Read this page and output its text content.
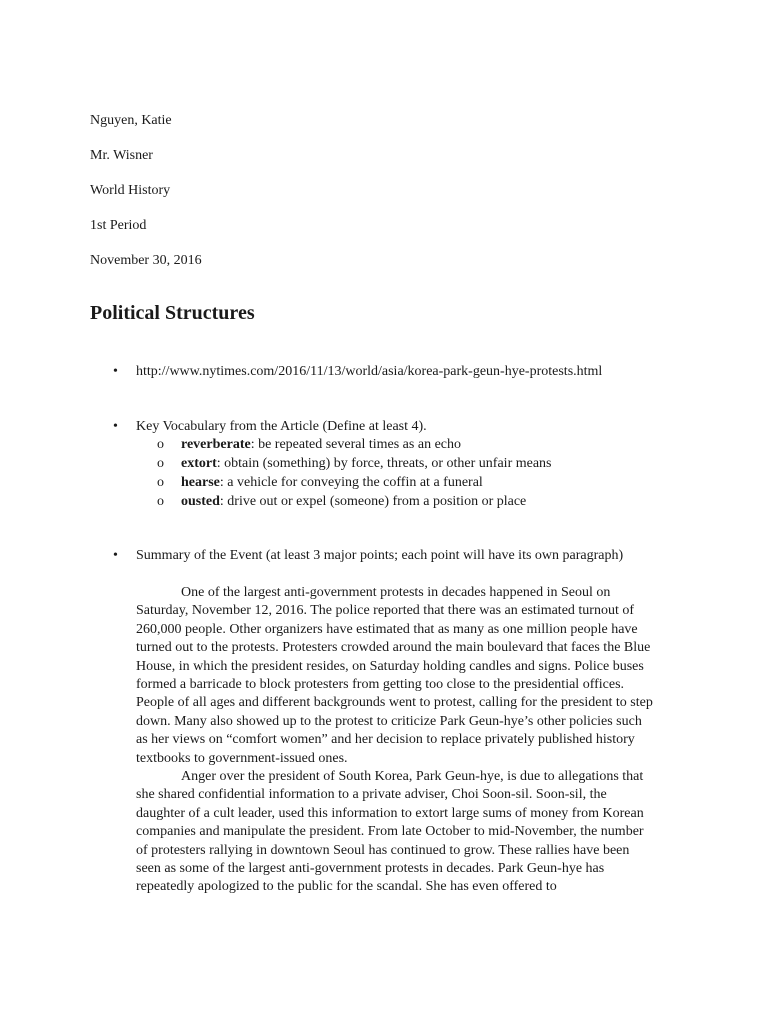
Nguyen, Katie
Mr. Wisner
World History
1st Period
November 30, 2016
Political Structures
• http://www.nytimes.com/2016/11/13/world/asia/korea-park-geun-hye-protests.html
• Key Vocabulary from the Article (Define at least 4).
o reverberate: be repeated several times as an echo
o extort: obtain (something) by force, threats, or other unfair means
o hearse: a vehicle for conveying the coffin at a funeral
o ousted: drive out or expel (someone) from a position or place
• Summary of the Event (at least 3 major points; each point will have its own paragraph)
One of the largest anti-government protests in decades happened in Seoul on Saturday, November 12, 2016. The police reported that there was an estimated turnout of 260,000 people. Other organizers have estimated that as many as one million people have turned out to the protests. Protesters crowded around the main boulevard that faces the Blue House, in which the president resides, on Saturday holding candles and signs. Police buses formed a barricade to block protesters from getting too close to the presidential offices. People of all ages and different backgrounds went to protest, calling for the president to step down. Many also showed up to the protest to criticize Park Geun-hye’s other policies such as her views on “comfort women” and her decision to replace privately published history textbooks to government-issued ones.
Anger over the president of South Korea, Park Geun-hye, is due to allegations that she shared confidential information to a private adviser, Choi Soon-sil. Soon-sil, the daughter of a cult leader, used this information to extort large sums of money from Korean companies and manipulate the president. From late October to mid-November, the number of protesters rallying in downtown Seoul has continued to grow. These rallies have been seen as some of the largest anti-government protests in decades. Park Geun-hye has repeatedly apologized to the public for the scandal. She has even offered to
